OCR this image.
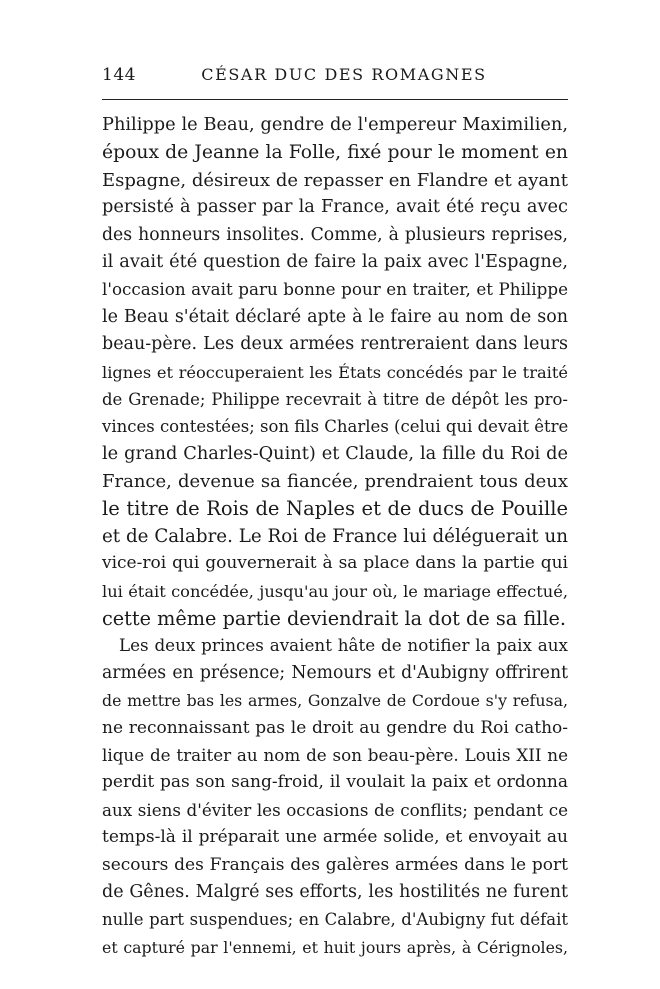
144	CÉSAR DUC DES ROMAGNES
Philippe le Beau, gendre de l'empereur Maximilien,
époux de Jeanne la Folle, fixé pour le moment en
Espagne, désireux de repasser en Flandre et ayant
persisté à passer par la France, avait été reçu avec
des honneurs insolites. Comme, à plusieurs reprises,
il avait été question de faire la paix avec l'Espagne,
l'occasion avait paru bonne pour en traiter, et Philippe
le Beau s'était déclaré apte à le faire au nom de son
beau-père. Les deux armées rentreraient dans leurs
lignes et réoccuperaient les États concédés par le traité
de Grenade; Philippe recevrait à titre de dépôt les pro-
vinces contestées; son fils Charles (celui qui devait être
le grand Charles-Quint) et Claude, la fille du Roi de
France, devenue sa fiancée, prendraient tous deux
le titre de Rois de Naples et de ducs de Pouille
et de Calabre. Le Roi de France lui déléguerait un
vice-roi qui gouvernerait à sa place dans la partie qui
lui était concédée, jusqu'au jour où, le mariage effectué,
cette même partie deviendrait la dot de sa fille.
Les deux princes avaient hâte de notifier la paix aux
armées en présence; Nemours et d'Aubigny offrirent
de mettre bas les armes, Gonzalve de Cordoue s'y refusa,
ne reconnaissant pas le droit au gendre du Roi catho-
lique de traiter au nom de son beau-père. Louis XII ne
perdit pas son sang-froid, il voulait la paix et ordonna
aux siens d'éviter les occasions de conflits; pendant ce
temps-là il préparait une armée solide, et envoyait au
secours des Français des galères armées dans le port
de Gênes. Malgré ses efforts, les hostilités ne furent
nulle part suspendues; en Calabre, d'Aubigny fut défait
et capturé par l'ennemi, et huit jours après, à Cérignoles,
